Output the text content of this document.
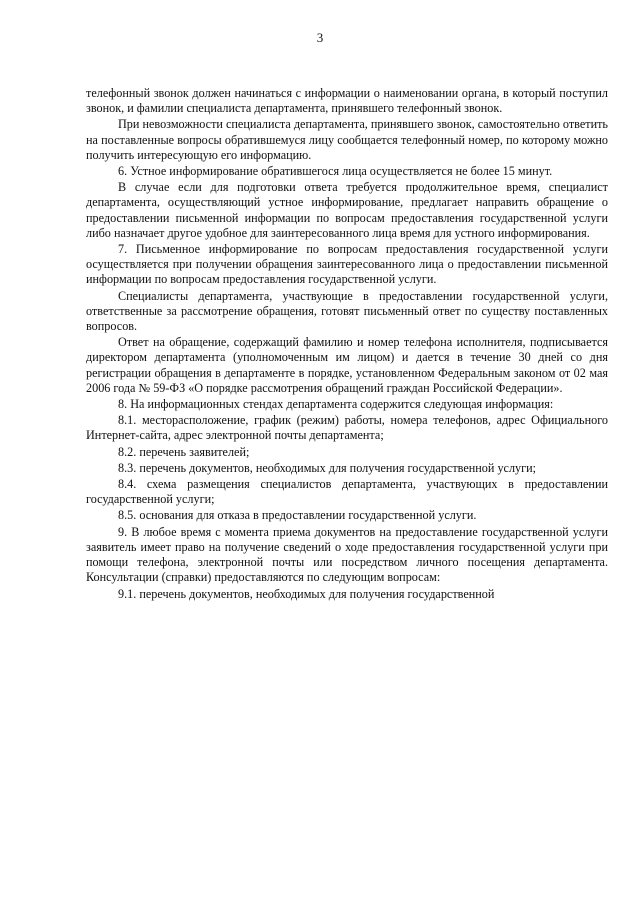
3

телефонный звонок должен начинаться с информации о наименовании органа, в который поступил звонок, и фамилии специалиста департамента, принявшего телефонный звонок.

При невозможности специалиста департамента, принявшего звонок, самостоятельно ответить на поставленные вопросы обратившемуся лицу сообщается телефонный номер, по которому можно получить интересующую его информацию.

6. Устное информирование обратившегося лица осуществляется не более 15 минут.

В случае если для подготовки ответа требуется продолжительное время, специалист департамента, осуществляющий устное информирование, предлагает направить обращение о предоставлении письменной информации по вопросам предоставления государственной услуги либо назначает другое удобное для заинтересованного лица время для устного информирования.

7. Письменное информирование по вопросам предоставления государственной услуги осуществляется при получении обращения заинтересованного лица о предоставлении письменной информации по вопросам предоставления государственной услуги.

Специалисты департамента, участвующие в предоставлении государственной услуги, ответственные за рассмотрение обращения, готовят письменный ответ по существу поставленных вопросов.

Ответ на обращение, содержащий фамилию и номер телефона исполнителя, подписывается директором департамента (уполномоченным им лицом) и дается в течение 30 дней со дня регистрации обращения в департаменте в порядке, установленном Федеральным законом от 02 мая 2006 года № 59-ФЗ «О порядке рассмотрения обращений граждан Российской Федерации».

8. На информационных стендах департамента содержится следующая информация:

8.1. месторасположение, график (режим) работы, номера телефонов, адрес Официального Интернет-сайта, адрес электронной почты департамента;

8.2. перечень заявителей;

8.3. перечень документов, необходимых для получения государственной услуги;

8.4. схема размещения специалистов департамента, участвующих в предоставлении государственной услуги;

8.5. основания для отказа в предоставлении государственной услуги.

9. В любое время с момента приема документов на предоставление государственной услуги заявитель имеет право на получение сведений о ходе предоставления государственной услуги при помощи телефона, электронной почты или посредством личного посещения департамента. Консультации (справки) предоставляются по следующим вопросам:

9.1. перечень документов, необходимых для получения государственной
